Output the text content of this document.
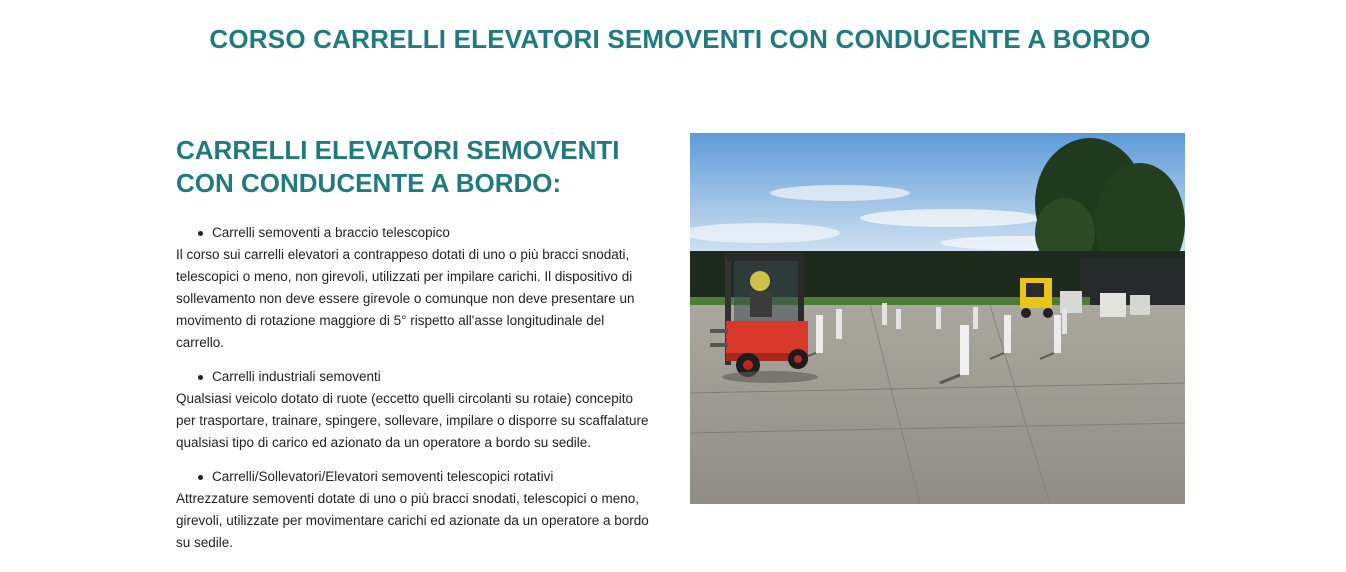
CORSO CARRELLI ELEVATORI SEMOVENTI CON CONDUCENTE A BORDO
CARRELLI ELEVATORI SEMOVENTI
CON CONDUCENTE A BORDO:
Carrelli semoventi a braccio telescopico
Il corso sui carrelli elevatori a contrappeso dotati di uno o più bracci snodati,
telescopici o meno, non girevoli, utilizzati per impilare carichi. Il dispositivo di
sollevamento non deve essere girevole o comunque non deve presentare un
movimento di rotazione maggiore di 5° rispetto all'asse longitudinale del
carrello.
Carrelli industriali semoventi
Qualsiasi veicolo dotato di ruote (eccetto quelli circolanti su rotaie) concepito
per trasportare, trainare, spingere, sollevare, impilare o disporre su scaffalature
qualsiasi tipo di carico ed azionato da un operatore a bordo su sedile.
Carrelli/Sollevatori/Elevatori semoventi telescopici rotativi
Attrezzature semoventi dotate di uno o più bracci snodati, telescopici o meno,
girevoli, utilizzate per movimentare carichi ed azionate da un operatore a bordo
su sedile.
